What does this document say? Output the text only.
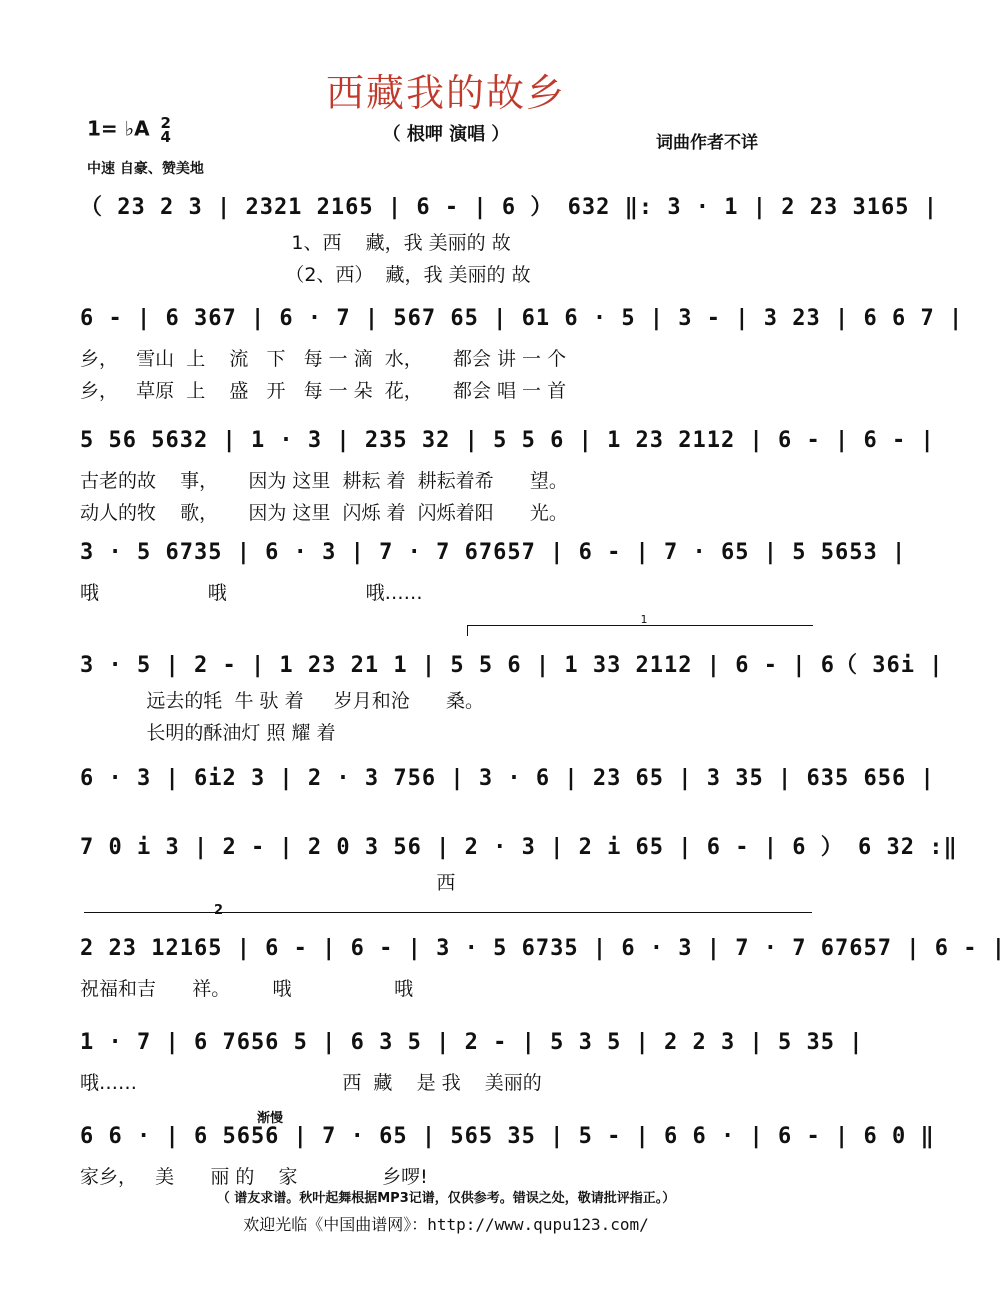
西藏我的故乡
（ 根呷 演唱 ）	词曲作者不详
1= ♭A 2
4
中速 自豪、赞美地
1
2
渐慢
（ 23 2 3 | 2321 2165 | 6 - | 6 ） 632 ‖: 3 · 1 | 2 23 3165 |
1、西    藏，我 美丽的 故
（2、西）  藏，我 美丽的 故
6 - | 6 367 | 6 · 7 | 567 65 | 61 6 · 5 | 3 - | 3 23 | 6 6 7 |
乡，   雪山  上    流   下   每 一 滴  水，     都会 讲 一 个
乡，   草原  上    盛   开   每 一 朵  花，     都会 唱 一 首
5 56 5632 | 1 · 3 | 235 32 | 5 5 6 | 1 23 2112 | 6 - | 6 - |
古老的故    事，     因为 这里  耕耘 着  耕耘着希      望。
动人的牧    歌，     因为 这里  闪烁 着  闪烁着阳      光。
3 · 5 6735 | 6 · 3 | 7 · 7 67657 | 6 - | 7 · 65 | 5 5653 |
哦                  哦                       哦……
3 · 5 | 2 - | 1 23 21 1 | 5 5 6 | 1 33 2112 | 6 - | 6（ 36i |
远去的牦  牛 驮 着     岁月和沧      桑。
长明的酥油灯 照 耀 着
6 · 3 | 6i2 3 | 2 · 3 756 | 3 · 6 | 23 65 | 3 35 | 635 656 |
7 0 i 3 | 2 - | 2 0 3 56 | 2 · 3 | 2 i 65 | 6 - | 6 ） 6 32 :‖
西
2 23 12165 | 6 - | 6 - | 3 · 5 6735 | 6 · 3 | 7 · 7 67657 | 6 - |
祝福和吉      祥。       哦                 哦
1 · 7 | 6 7656 5 | 6 3 5 | 2 - | 5 3 5 | 2 2 3 | 5 35 |
哦……                                  西  藏    是 我    美丽的
6 6 · | 6 5656 | 7 · 65 | 565 35 | 5 - | 6 6 · | 6 - | 6 0 ‖
家乡，   美      丽 的    家              乡啰!
（ 谱友求谱。秋叶起舞根据MP3记谱，仅供参考。错误之处，敬请批评指正。）
欢迎光临《中国曲谱网》：http://www.qupu123.com/
